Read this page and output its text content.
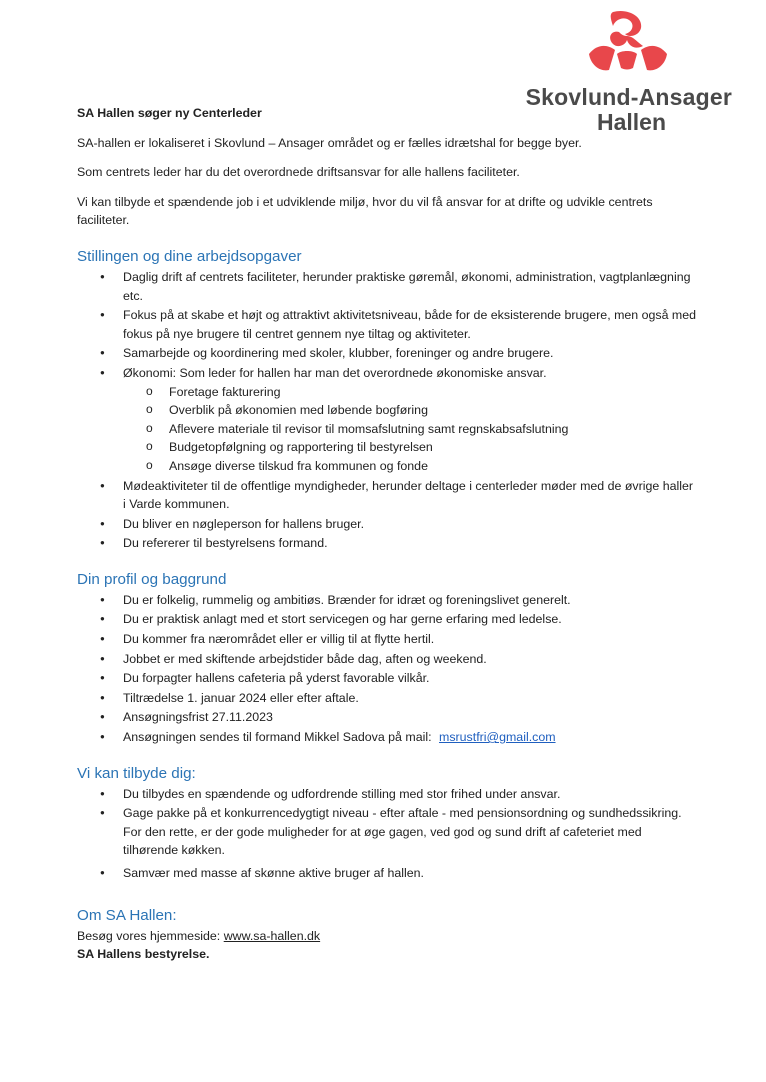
Skovlund-Ansager
Hallen

SA Hallen søger ny Centerleder

SA-hallen er lokaliseret i Skovlund – Ansager området og er fælles idrætshal for begge byer.

Som centrets leder har du det overordnede driftsansvar for alle hallens faciliteter.

Vi kan tilbyde et spændende job i et udviklende miljø, hvor du vil få ansvar for at drifte og udvikle centrets faciliteter.

Stillingen og dine arbejdsopgaver
● Daglig drift af centrets faciliteter, herunder praktiske gøremål, økonomi, administration, vagtplanlægning etc.
● Fokus på at skabe et højt og attraktivt aktivitetsniveau, både for de eksisterende brugere, men også med fokus på nye brugere til centret gennem nye tiltag og aktiviteter.
● Samarbejde og koordinering med skoler, klubber, foreninger og andre brugere.
● Økonomi: Som leder for hallen har man det overordnede økonomiske ansvar.
o Foretage fakturering
o Overblik på økonomien med løbende bogføring
o Aflevere materiale til revisor til momsafslutning samt regnskabsafslutning
o Budgetopfølgning og rapportering til bestyrelsen
o Ansøge diverse tilskud fra kommunen og fonde
● Mødeaktiviteter til de offentlige myndigheder, herunder deltage i centerleder møder med de øvrige haller i Varde kommunen.
● Du bliver en nøgleperson for hallens bruger.
● Du refererer til bestyrelsens formand.
Din profil og baggrund
● Du er folkelig, rummelig og ambitiøs. Brænder for idræt og foreningslivet generelt.
● Du er praktisk anlagt med et stort servicegen og har gerne erfaring med ledelse.
● Du kommer fra nærområdet eller er villig til at flytte hertil.
● Jobbet er med skiftende arbejdstider både dag, aften og weekend.
● Du forpagter hallens cafeteria på yderst favorable vilkår.
● Tiltrædelse 1. januar 2024 eller efter aftale.
● Ansøgningsfrist 27.11.2023
● Ansøgningen sendes til formand Mikkel Sadova på mail: msrustfri@gmail.com
Vi kan tilbyde dig:
● Du tilbydes en spændende og udfordrende stilling med stor frihed under ansvar.
● Gage pakke på et konkurrencedygtigt niveau - efter aftale - med pensionsordning og sundhedssikring. For den rette, er der gode muligheder for at øge gagen, ved god og sund drift af cafeteriet med tilhørende køkken.
● Samvær med masse af skønne aktive bruger af hallen.
Om SA Hallen:
Besøg vores hjemmeside: www.sa-hallen.dk
SA Hallens bestyrelse.
